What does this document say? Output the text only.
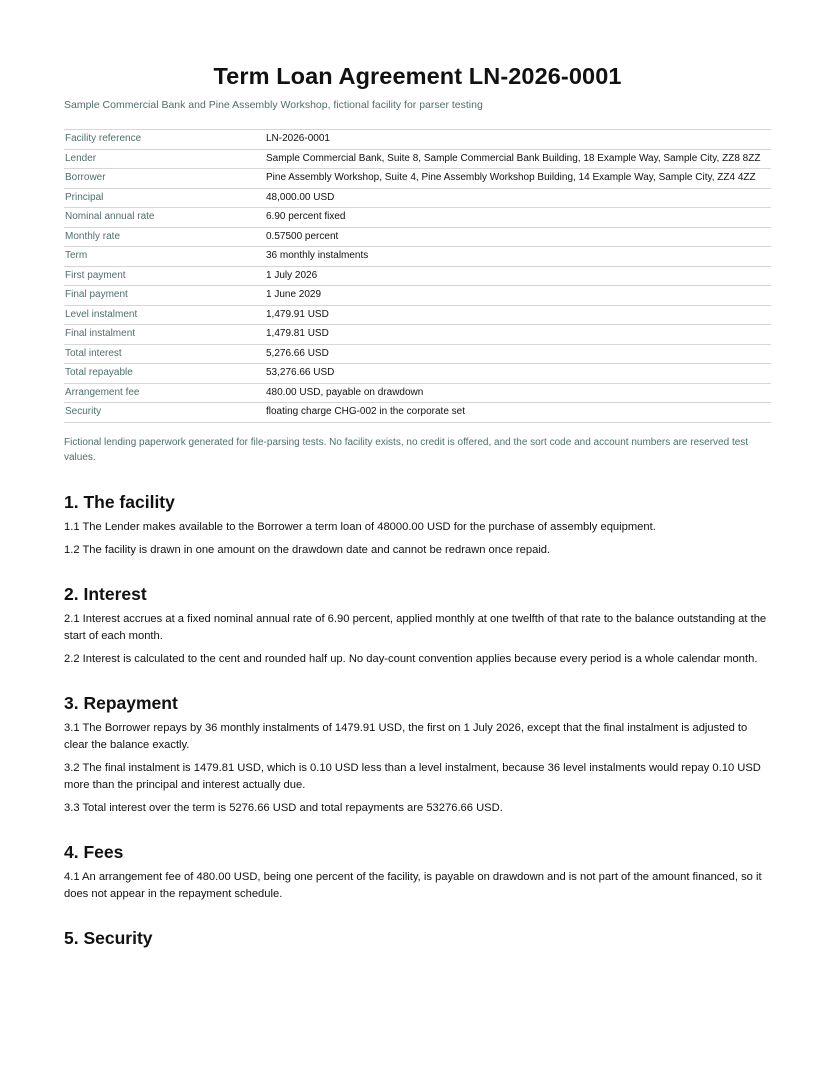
Term Loan Agreement LN-2026-0001
Sample Commercial Bank and Pine Assembly Workshop, fictional facility for parser testing
Facility reference	LN-2026-0001
Lender	Sample Commercial Bank, Suite 8, Sample Commercial Bank Building, 18 Example Way, Sample City, ZZ8 8ZZ
Borrower	Pine Assembly Workshop, Suite 4, Pine Assembly Workshop Building, 14 Example Way, Sample City, ZZ4 4ZZ
Principal	48,000.00 USD
Nominal annual rate	6.90 percent fixed
Monthly rate	0.57500 percent
Term	36 monthly instalments
First payment	1 July 2026
Final payment	1 June 2029
Level instalment	1,479.91 USD
Final instalment	1,479.81 USD
Total interest	5,276.66 USD
Total repayable	53,276.66 USD
Arrangement fee	480.00 USD, payable on drawdown
Security	floating charge CHG-002 in the corporate set
Fictional lending paperwork generated for file-parsing tests. No facility exists, no credit is offered, and the sort code and account numbers are reserved test values.
1. The facility

1.1 The Lender makes available to the Borrower a term loan of 48000.00 USD for the purchase of assembly equipment.

1.2 The facility is drawn in one amount on the drawdown date and cannot be redrawn once repaid.

2. Interest

2.1 Interest accrues at a fixed nominal annual rate of 6.90 percent, applied monthly at one twelfth of that rate to the balance outstanding at the start of each month.

2.2 Interest is calculated to the cent and rounded half up. No day-count convention applies because every period is a whole calendar month.

3. Repayment

3.1 The Borrower repays by 36 monthly instalments of 1479.91 USD, the first on 1 July 2026, except that the final instalment is adjusted to clear the balance exactly.

3.2 The final instalment is 1479.81 USD, which is 0.10 USD less than a level instalment, because 36 level instalments would repay 0.10 USD more than the principal and interest actually due.

3.3 Total interest over the term is 5276.66 USD and total repayments are 53276.66 USD.

4. Fees

4.1 An arrangement fee of 480.00 USD, being one percent of the facility, is payable on drawdown and is not part of the amount financed, so it does not appear in the repayment schedule.

5. Security
